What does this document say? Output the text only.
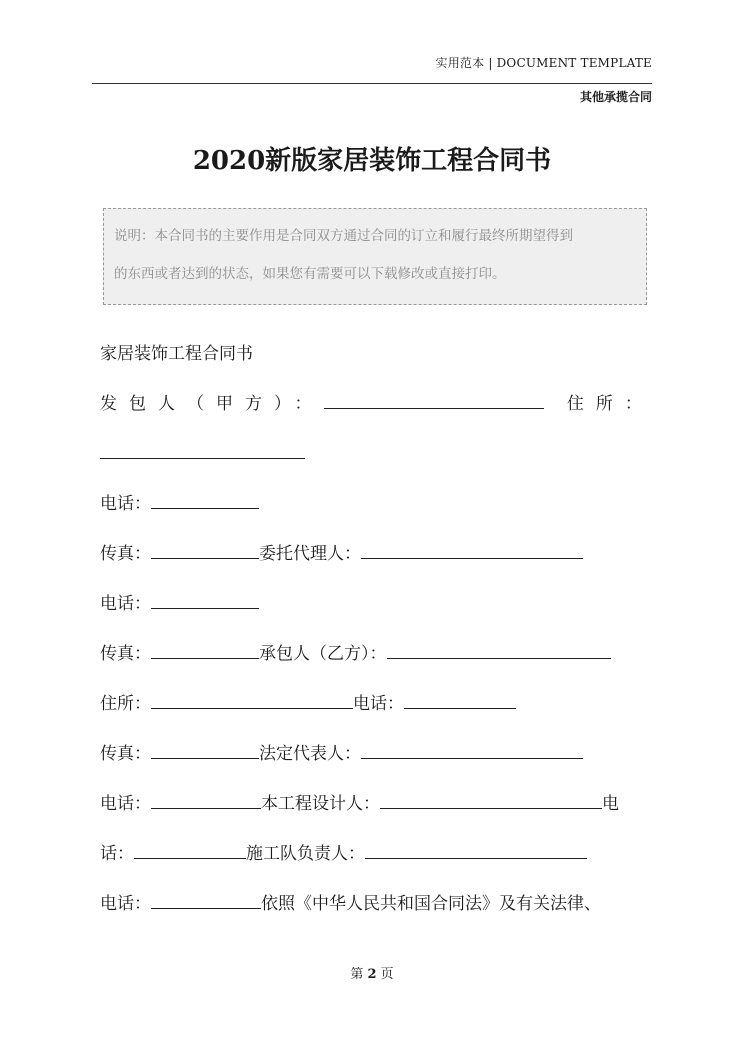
实用范本 | DOCUMENT TEMPLATE
其他承揽合同
2020新版家居装饰工程合同书
说明：本合同书的主要作用是合同双方通过合同的订立和履行最终所期望得到
的东西或者达到的状态，如果您有需要可以下载修改或直接打印。
家居装饰工程合同书
发包人（甲方）：	住所：
电话：
传真：	委托代理人：
电话：
传真：	承包人（乙方）：
住所：	电话：
传真：	法定代表人：
电话：	本工程设计人：	电
话：	施工队负责人：
电话：	依照《中华人民共和国合同法》及有关法律、
第 2 页
